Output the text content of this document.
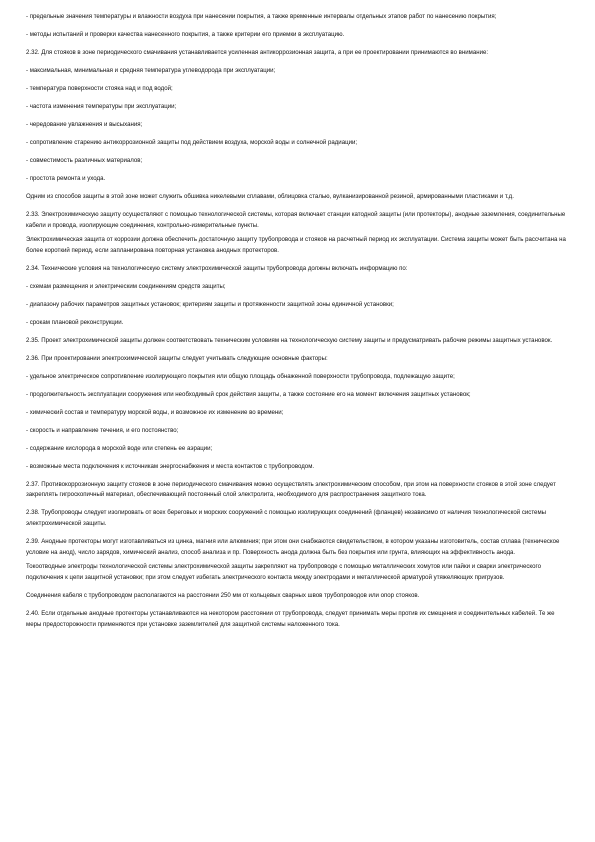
- предельные значения температуры и влажности воздуха при нанесении покрытия, а также временные интервалы отдельных этапов работ по нанесению покрытия;

- методы испытаний и проверки качества нанесенного покрытия, а также критерии его приемки в эксплуатацию.

2.32. Для стояков в зоне периодического смачивания устанавливается усиленная антикоррозионная защита, а при ее проектировании принимаются во внимание:

- максимальная, минимальная и средняя температура углеводорода при эксплуатации;

- температура поверхности стояка над и под водой;

- частота изменения температуры при эксплуатации;

- чередование увлажнения и высыхания;

- сопротивление старению антикоррозионной защиты под действием воздуха, морской воды и солнечной радиации;

- совместимость различных материалов;

- простота ремонта и ухода.

Одним из способов защиты в этой зоне может служить обшивка никелевыми сплавами, облицовка сталью, вулканизированной резиной, армированными пластиками и т.д.

2.33. Электрохимическую защиту осуществляют с помощью технологической системы, которая включает станции катодной защиты (или протекторы), анодные заземления, соединительные кабели и провода, изолирующие соединения, контрольно-измерительные пункты.

Электрохимическая защита от коррозии должна обеспечить достаточную защиту трубопровода и стояков на расчетный период их эксплуатации. Система защиты может быть рассчитана на более короткий период, если запланирована повторная установка анодных протекторов.

2.34. Технические условия на технологическую систему электрохимической защиты трубопровода должны включать информацию по:

- схемам размещения и электрическим соединениям средств защиты;

- диапазону рабочих параметров защитных установок; критериям защиты и протяженности защитной зоны единичной установки;

- срокам плановой реконструкции.

2.35. Проект электрохимической защиты должен соответствовать техническим условиям на технологическую систему защиты и предусматривать рабочие режимы защитных установок.

2.36. При проектировании электрохимической защиты следует учитывать следующие основные факторы:

- удельное электрическое сопротивление изолирующего покрытия или общую площадь обнаженной поверхности трубопровода, подлежащую защите;

- продолжительность эксплуатации сооружения или необходимый срок действия защиты, а также состояние его на момент включения защитных установок;

- химический состав и температуру морской воды, и возможное их изменение во времени;

- скорость и направление течения, и его постоянство;

- содержание кислорода в морской воде или степень ее аэрации;

- возможные места подключения к источникам энергоснабжения и места контактов с трубопроводом.

2.37. Противокоррозионную защиту стояков в зоне периодического смачивания можно осуществлять электрохимическим способом, при этом на поверхности стояков в этой зоне следует закреплять гигроскопичный материал, обеспечивающий постоянный слой электролита, необходимого для распространения защитного тока.

2.38. Трубопроводы следует изолировать от всех береговых и морских сооружений с помощью изолирующих соединений (фланцев) независимо от наличия технологической системы электрохимической защиты.

2.39. Анодные протекторы могут изготавливаться из цинка, магния или алюминия; при этом они снабжаются свидетельством, в котором указаны изготовитель, состав сплава (техническое условие на анод), число зарядов, химический анализ, способ анализа и пр. Поверхность анода должна быть без покрытия или грунта, влияющих на эффективность анода.

Токоотводные электроды технологической системы электрохимической защиты закрепляют на трубопроводе с помощью металлических хомутов или пайки и сварки электрического подключения к цепи защитной установки; при этом следует избегать электрического контакта между электродами и металлической арматурой утяжеляющих пригрузов.

Соединения кабеля с трубопроводом располагаются на расстоянии 250 мм от кольцевых сварных швов трубопроводов или опор стояков.

2.40. Если отдельные анодные протекторы устанавливаются на некотором расстоянии от трубопровода, следует принимать меры против их смещения и соединительных кабелей. Те же меры предосторожности применяются при установке заземлителей для защитной системы наложенного тока.
